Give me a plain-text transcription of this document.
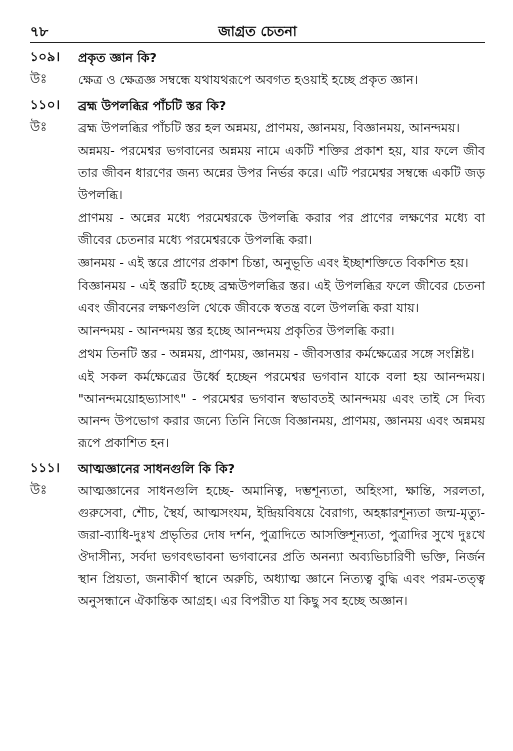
৭৮	জাগ্রত চেতনা
১০৯।	প্রকৃত জ্ঞান কি?
উঃ	ক্ষেত্র ও ক্ষেত্রজ্ঞ সম্বন্ধে যথাযথরূপে অবগত হওয়াই হচ্ছে প্রকৃত জ্ঞান।

১১০।	ব্রহ্ম উপলব্ধির পাঁচটি স্তর কি?
উঃ	ব্রহ্ম উপলব্ধির পাঁচটি স্তর হল অন্নময়, প্রাণময়, জ্ঞানময়, বিজ্ঞানময়, আনন্দময়।

অন্নময়- পরমেশ্বর ভগবানের অন্নময় নামে একটি শক্তির প্রকাশ হয়, যার ফলে জীব তার জীবন ধারণের জন্য অন্নের উপর নির্ভর করে। এটি পরমেশ্বর সম্বন্ধে একটি জড় উপলব্ধি।

প্রাণময় - অন্নের মধ্যে পরমেশ্বরকে উপলব্ধি করার পর প্রাণের লক্ষণের মধ্যে বা জীবের চেতনার মধ্যে পরমেশ্বরকে উপলব্ধি করা।

জ্ঞানময় - এই স্তরে প্রাণের প্রকাশ চিন্তা, অনুভূতি এবং ইচ্ছাশক্তিতে বিকশিত হয়।

বিজ্ঞানময় - এই স্তরটি হচ্ছে ব্রহ্মউপলব্ধির স্তর। এই উপলব্ধির ফলে জীবের চেতনা এবং জীবনের লক্ষণগুলি থেকে জীবকে স্বতন্ত্র বলে উপলব্ধি করা যায়।

আনন্দময় - আনন্দময় স্তর হচ্ছে আনন্দময় প্রকৃতির উপলব্ধি করা।

প্রথম তিনটি স্তর - অন্নময়, প্রাণময়, জ্ঞানময় - জীবসত্তার কর্মক্ষেত্রের সঙ্গে সংশ্লিষ্ট।

এই সকল কর্মক্ষেত্রের উর্ধ্বে হচ্ছেন পরমেশ্বর ভগবান যাকে বলা হয় আনন্দময়। "আনন্দময়োহভ্যাসাৎ" - পরমেশ্বর ভগবান স্বভাবতই আনন্দময় এবং তাই সে দিব্য আনন্দ উপভোগ করার জন্যে তিনি নিজে বিজ্ঞানময়, প্রাণময়, জ্ঞানময় এবং অন্নময় রূপে প্রকাশিত হন।

১১১।	আত্মজ্ঞানের সাধনগুলি কি কি?
উঃ	আত্মজ্ঞানের সাধনগুলি হচ্ছে- অমানিত্ব, দম্ভশূন্যতা, অহিংসা, ক্ষান্তি, সরলতা, গুরুসেবা, শৌচ, স্থৈর্য, আত্মসংযম, ইন্দ্রিয়বিষয়ে বৈরাগ্য, অহঙ্কারশূন্যতা জন্ম-মৃত্যু-জরা-ব্যাধি-দুঃখ প্রভৃতির দোষ দর্শন, পুত্রাদিতে আসক্তিশূন্যতা, পুত্রাদির সুখে দুঃখে ঔদাসীন্য, সর্বদা ভগবৎভাবনা ভগবানের প্রতি অনন্যা অব্যভিচারিণী ভক্তি, নির্জন স্থান প্রিয়তা, জনাকীর্ণ স্থানে অরুচি, অধ্যাত্ম জ্ঞানে নিত্যত্ব বুদ্ধি এবং পরম-তত্ত্ব অনুসন্ধানে ঐকান্তিক আগ্রহ। এর বিপরীত যা কিছু সব হচ্ছে অজ্ঞান।
